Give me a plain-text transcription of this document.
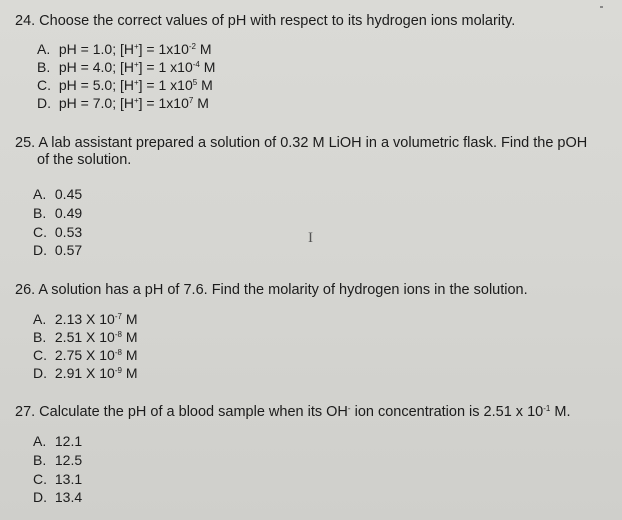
24. Choose the correct values of pH with respect to its hydrogen ions molarity.
A. pH = 1.0; $[H^+] = 1x10^{-2}$ M
B. pH = 4.0; [H+] = 1 $x10^{-4}$ M
C. pH = 5.0; [H+] = 1 $x10^5$ M
D. pH = 7.0; $[H^+] = 1x10^7$ M
25. A lab assistant prepared a solution of 0.32 M LiOH in a volumetric flask. Find the pOH
of the solution.
A. 0.45
B. 0.49
C. 0.53
D. 0.57
I
26. A solution has a pH of 7.6. Find the molarity of hydrogen ions in the solution.
A. 2.13 X $10^{-7}$ M
B. 2.51 X $10^{-8}$ M
C. 2.75 X $10^{-8}$ M
D. 2.91 X $10^{-9}$ M
27. Calculate the pH of a blood sample when its OH- ion concentration is 2.51 x $10^{-1}$ M.
A. 12.1
B. 12.5
C. 13.1
D. 13.4
